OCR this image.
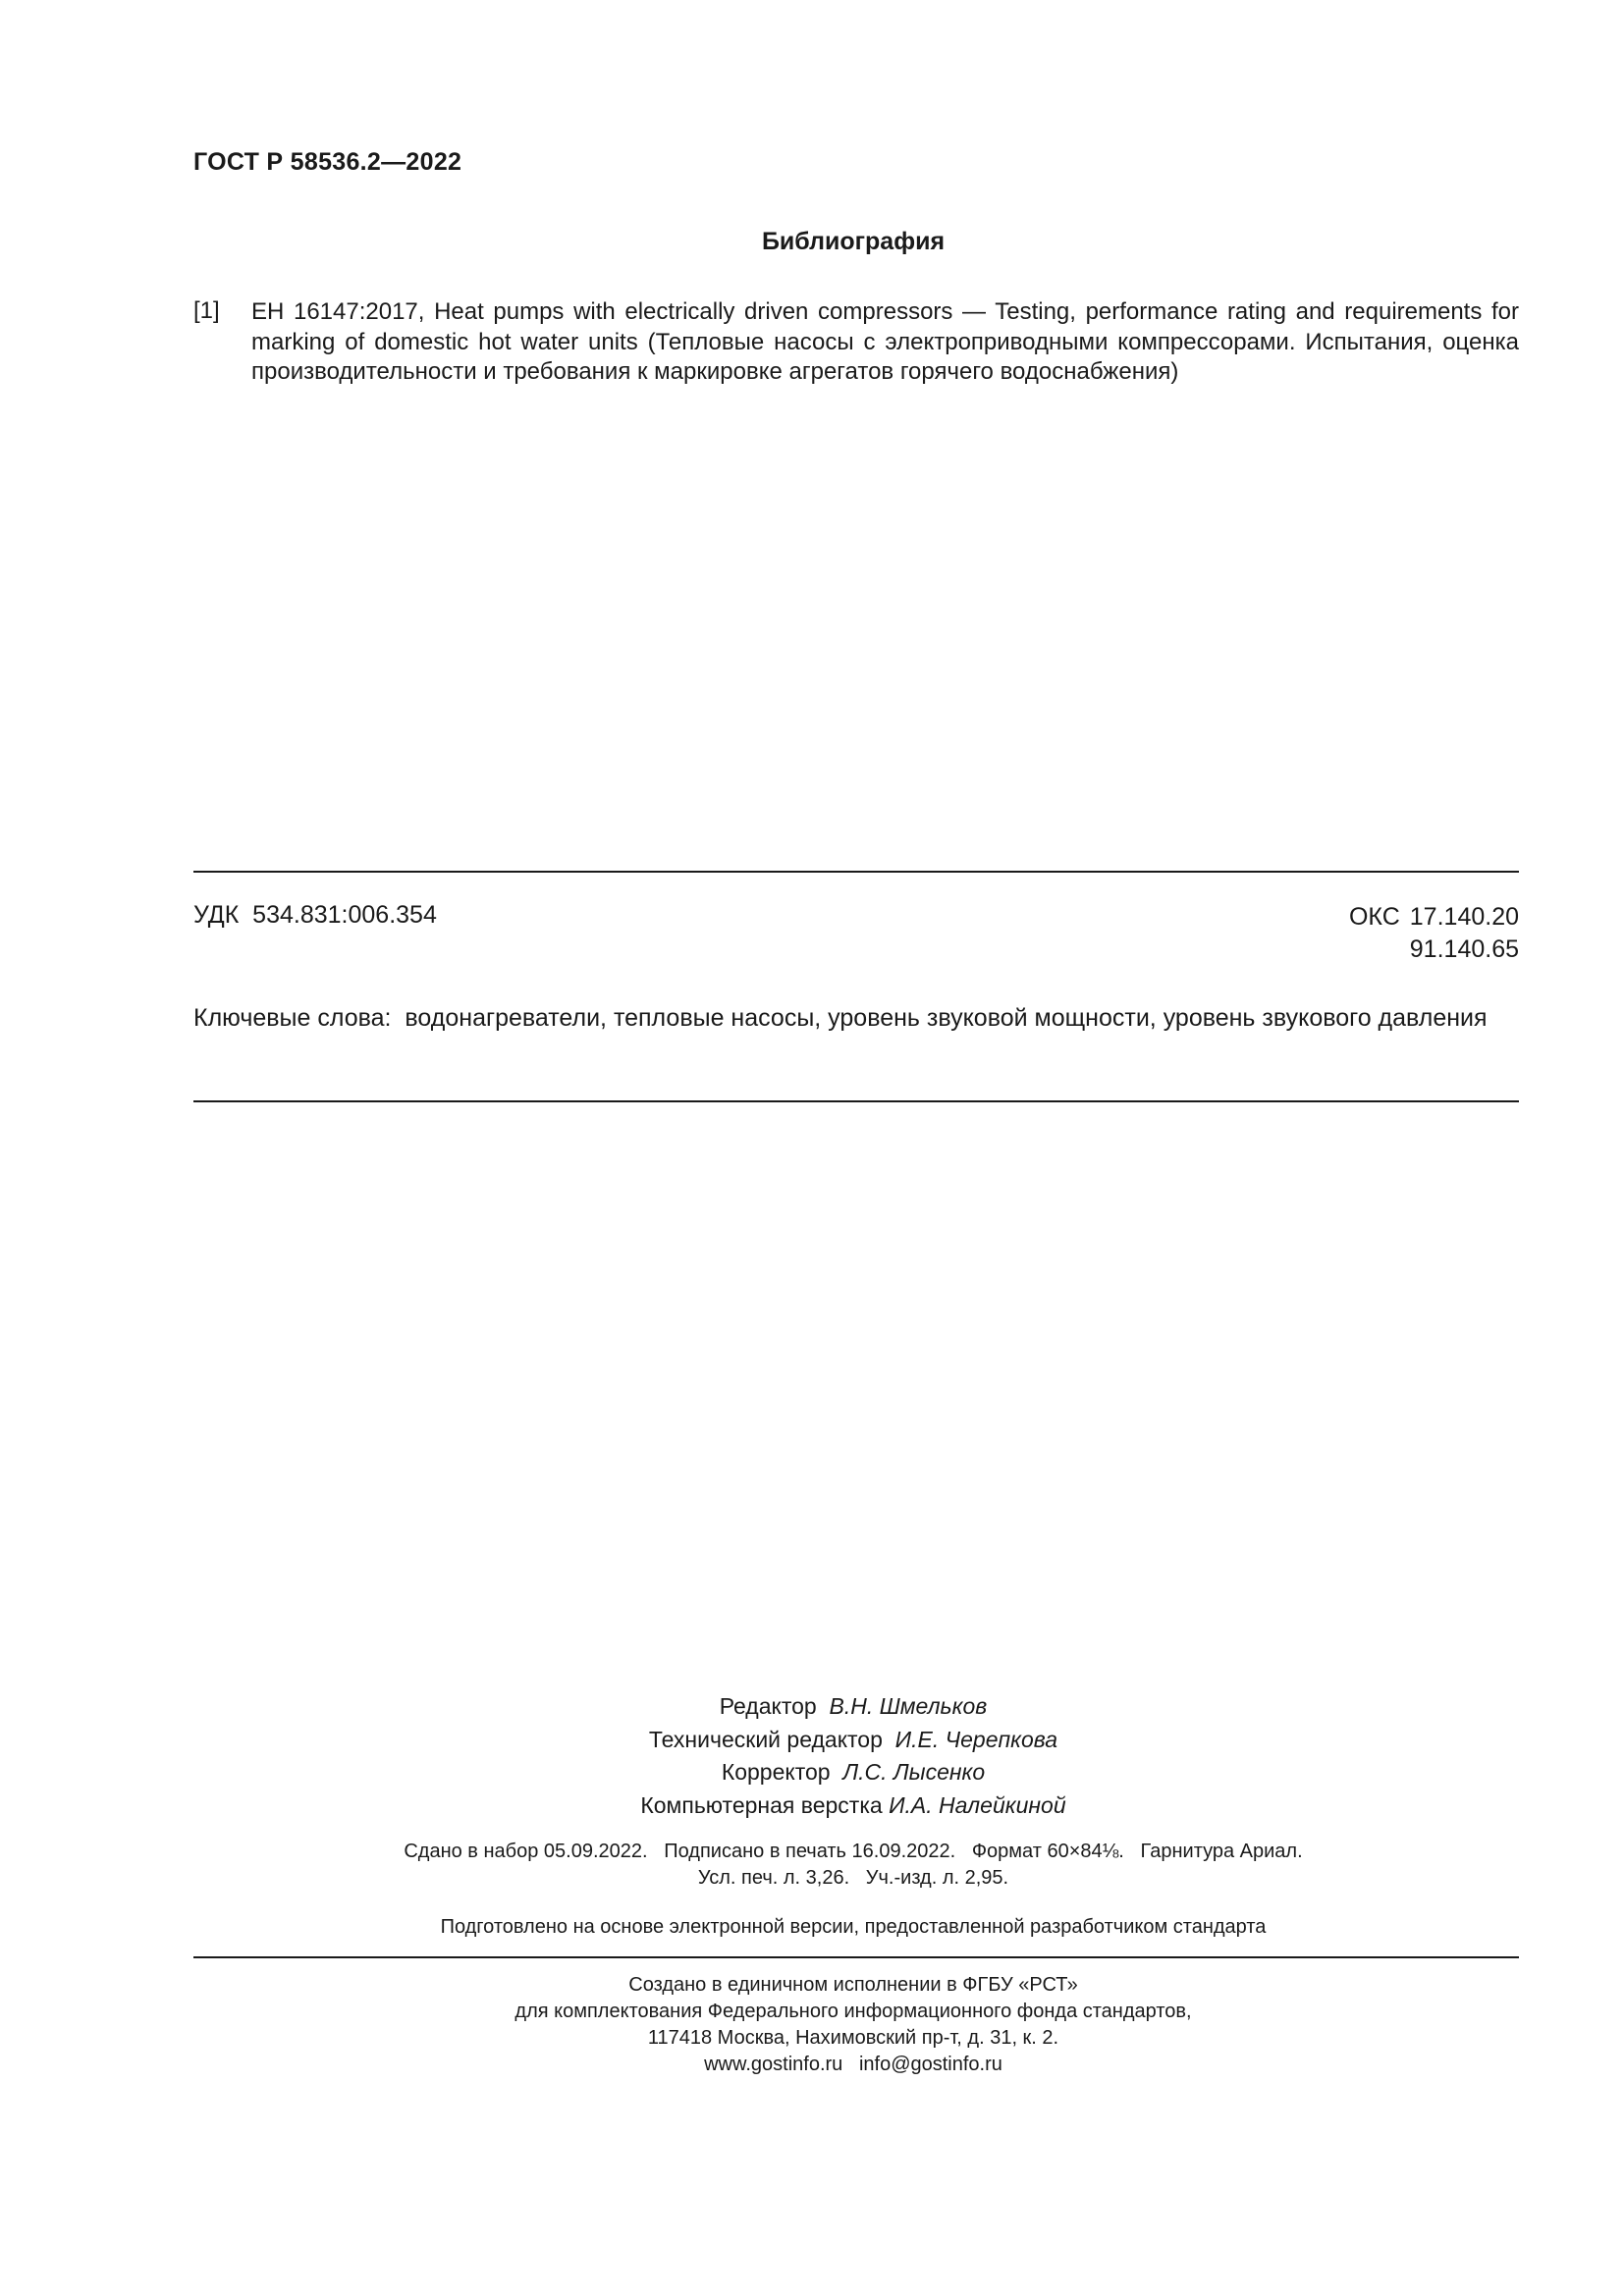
ГОСТ Р 58536.2—2022
Библиография
[1] ЕН 16147:2017, Heat pumps with electrically driven compressors — Testing, performance rating and requirements for marking of domestic hot water units (Тепловые насосы с электроприводными компрессорами. Испытания, оценка производительности и требования к маркировке агрегатов горячего водоснабжения)
УДК 534.831:006.354	ОКС 17.140.20
91.140.65
Ключевые слова: водонагреватели, тепловые насосы, уровень звуковой мощности, уровень звукового давления
Редактор В.Н. Шмельков
Технический редактор И.Е. Черепкова
Корректор Л.С. Лысенко
Компьютерная верстка И.А. Налейкиной
Сдано в набор 05.09.2022.   Подписано в печать 16.09.2022.   Формат 60×84⅛.   Гарнитура Ариал.
Усл. печ. л. 3,26.   Уч.-изд. л. 2,95.
Подготовлено на основе электронной версии, предоставленной разработчиком стандарта
Создано в единичном исполнении в ФГБУ «РСТ»
для комплектования Федерального информационного фонда стандартов,
117418 Москва, Нахимовский пр-т, д. 31, к. 2.
www.gostinfo.ru info@gostinfo.ru
